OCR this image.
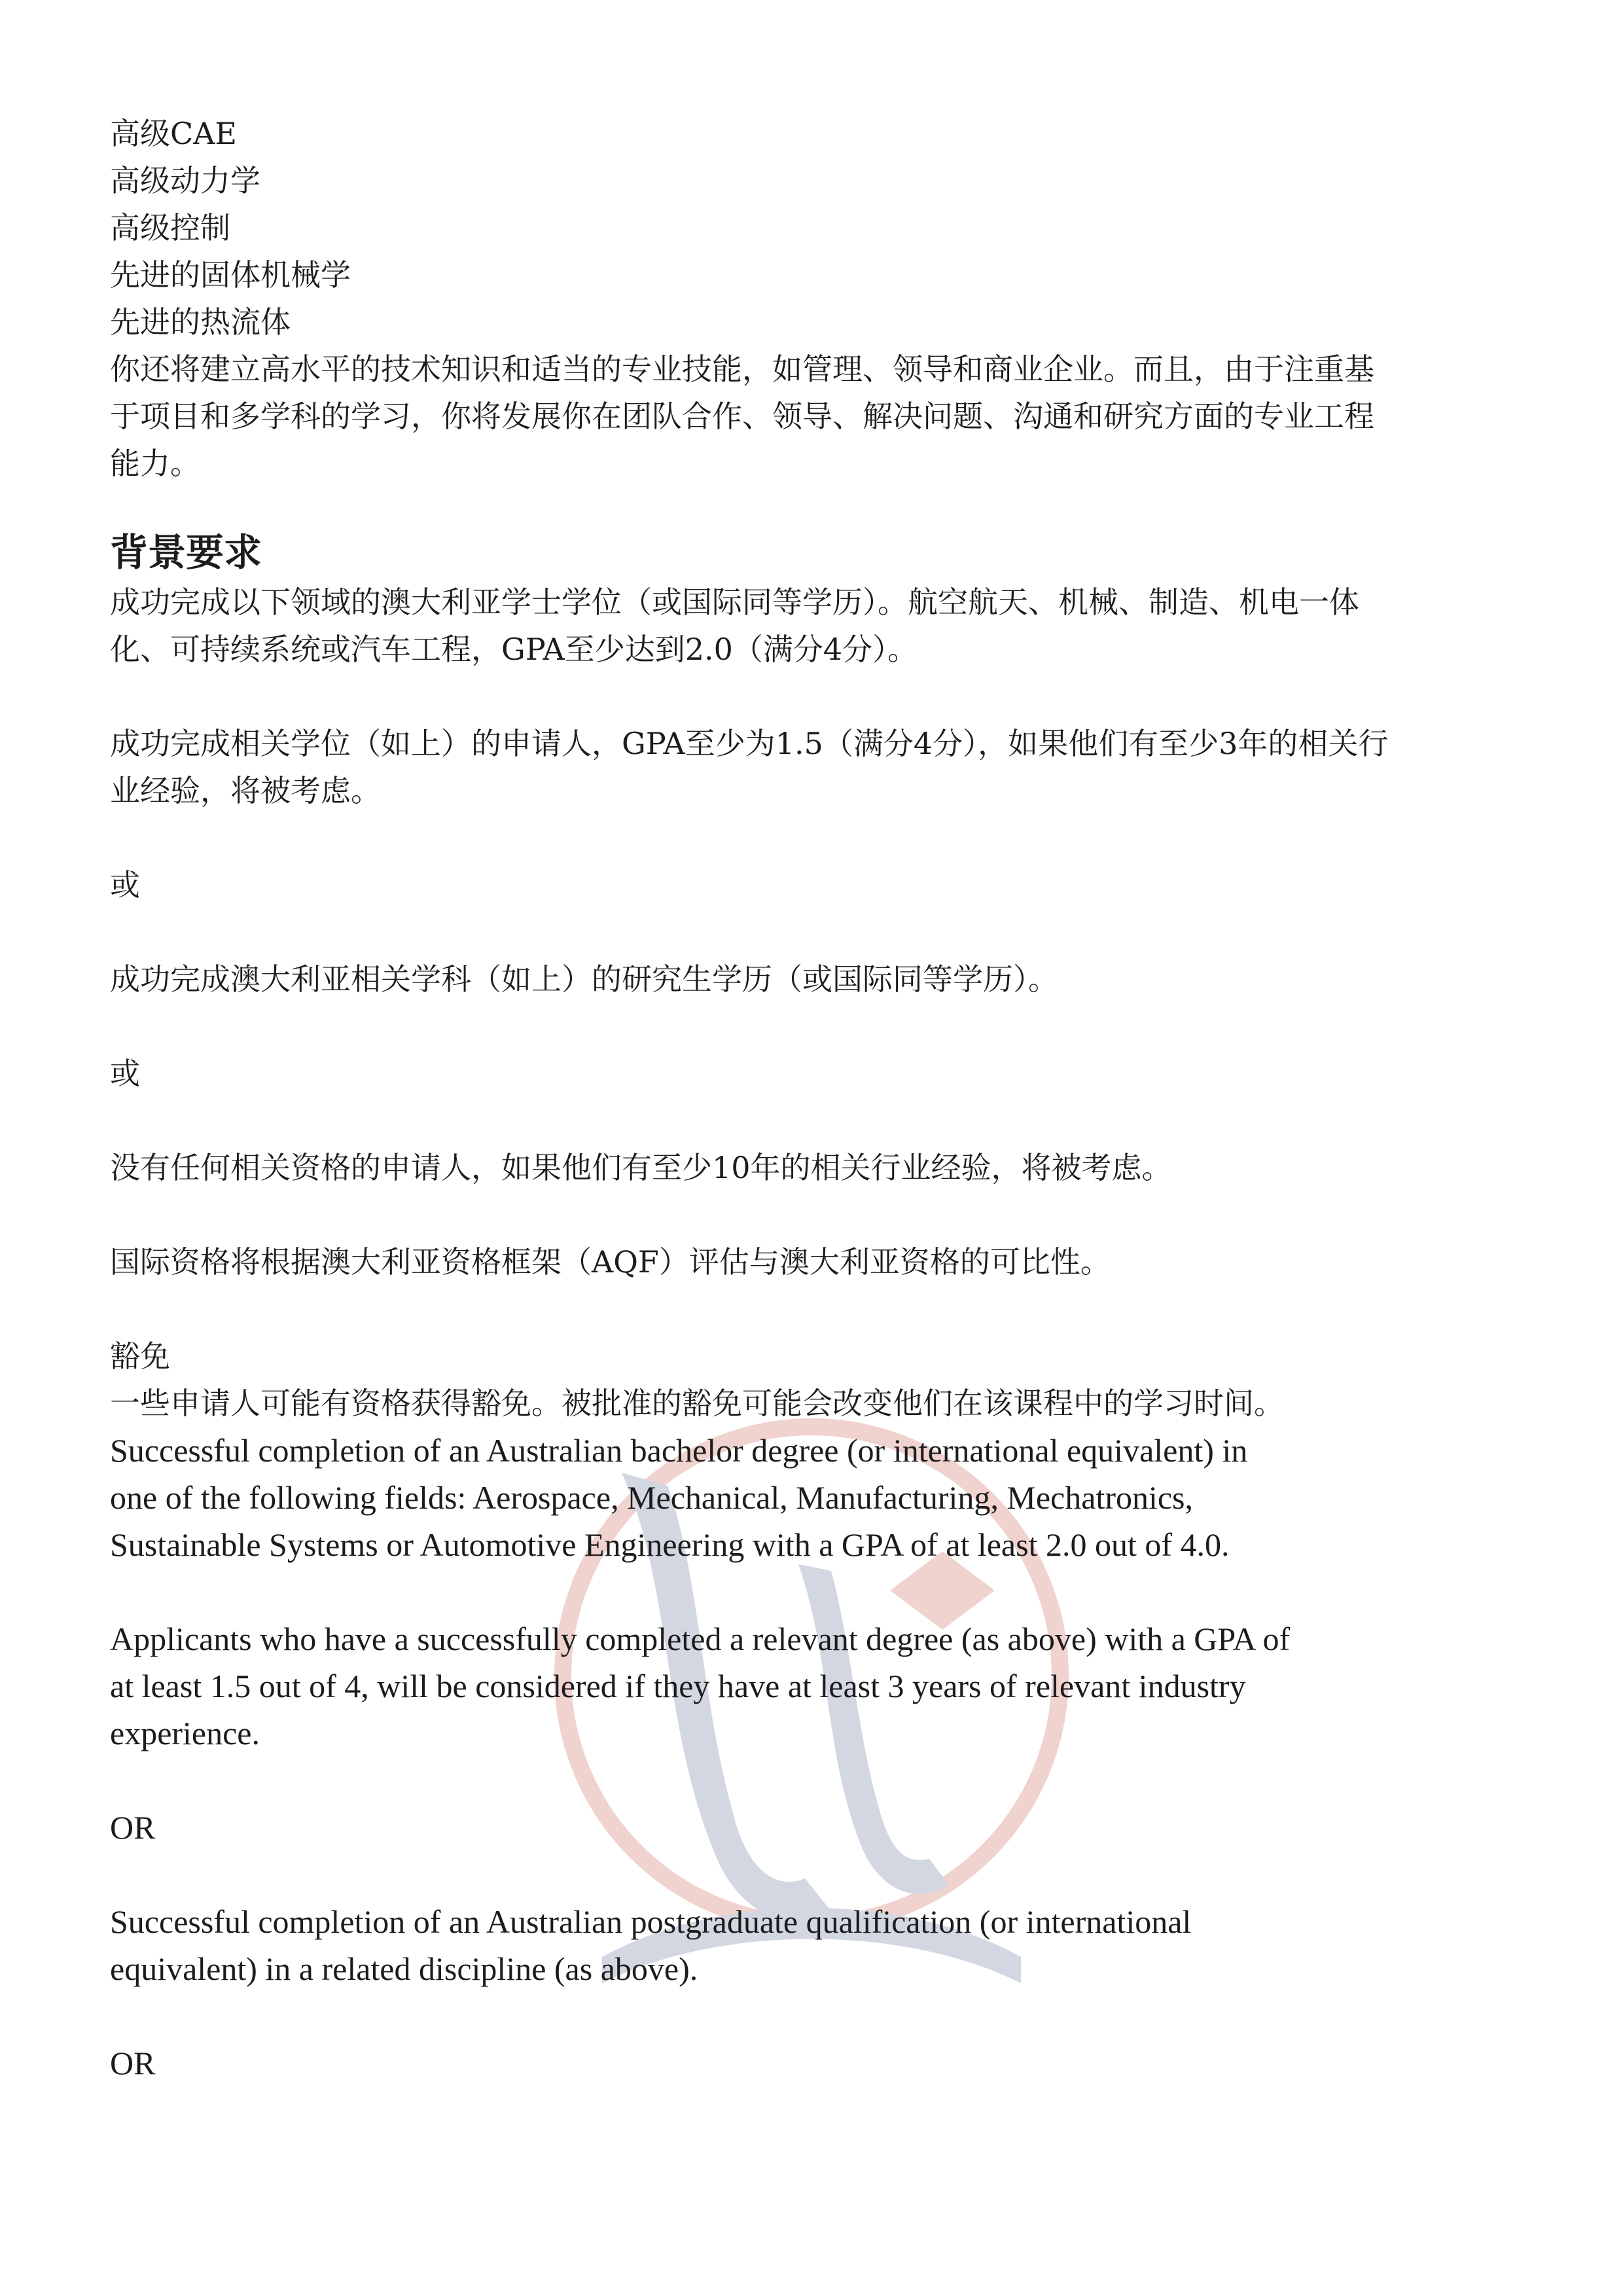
高级CAE

高级动力学

高级控制

先进的固体机械学

先进的热流体

你还将建立高水平的技术知识和适当的专业技能，如管理、领导和商业企业。而且，由于注重基

于项目和多学科的学习，你将发展你在团队合作、领导、解决问题、沟通和研究方面的专业工程

能力。

背景要求

成功完成以下领域的澳大利亚学士学位（或国际同等学历）。航空航天、机械、制造、机电一体

化、可持续系统或汽车工程，GPA至少达到2.0（满分4分）。

成功完成相关学位（如上）的申请人，GPA至少为1.5（满分4分），如果他们有至少3年的相关行

业经验，将被考虑。

或

成功完成澳大利亚相关学科（如上）的研究生学历（或国际同等学历）。

或

没有任何相关资格的申请人，如果他们有至少10年的相关行业经验，将被考虑。

国际资格将根据澳大利亚资格框架（AQF）评估与澳大利亚资格的可比性。

豁免

一些申请人可能有资格获得豁免。被批准的豁免可能会改变他们在该课程中的学习时间。

Successful completion of an Australian bachelor degree (or international equivalent) in

one of the following fields: Aerospace, Mechanical, Manufacturing, Mechatronics,

Sustainable Systems or Automotive Engineering with a GPA of at least 2.0 out of 4.0.

Applicants who have a successfully completed a relevant degree (as above) with a GPA of

at least 1.5 out of 4, will be considered if they have at least 3 years of relevant industry

experience.

OR

Successful completion of an Australian postgraduate qualification (or international

equivalent) in a related discipline (as above).

OR
